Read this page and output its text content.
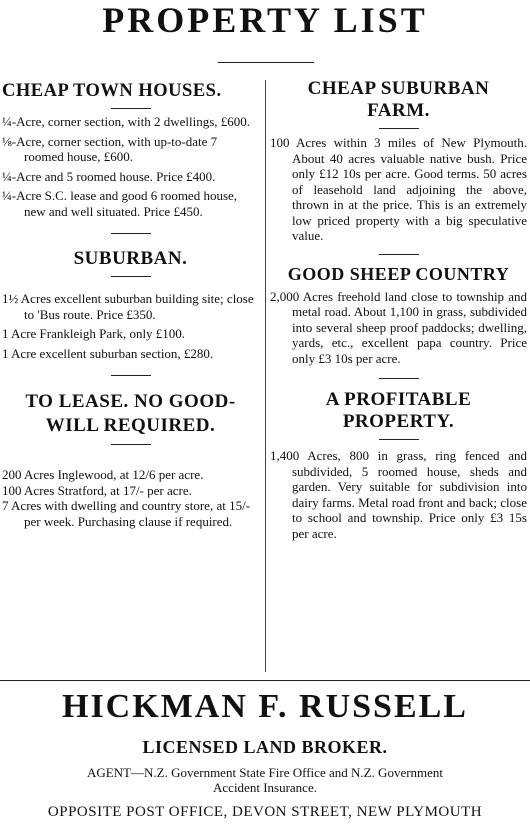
PROPERTY LIST
CHEAP TOWN HOUSES.

¼-Acre, corner section, with 2 dwellings, £600.

⅛-Acre, corner section, with up-to-date 7 roomed house, £600.

¼-Acre and 5 roomed house. Price £400.

¼-Acre S.C. lease and good 6 roomed house, new and well situated. Price £450.

SUBURBAN.

1½ Acres excellent suburban building site; close to 'Bus route. Price £350.

1 Acre Frankleigh Park, only £100.

1 Acre excellent suburban section, £280.

TO LEASE. NO GOOD-WILL REQUIRED.

200 Acres Inglewood, at 12/6 per acre.

100 Acres Stratford, at 17/- per acre.

7 Acres with dwelling and country store, at 15/- per week. Purchasing clause if required.

CHEAP SUBURBAN FARM.

100 Acres within 3 miles of New Plymouth. About 40 acres valuable native bush. Price only £12 10s per acre. Good terms. 50 acres of leasehold land adjoining the above, thrown in at the price. This is an extremely low priced property with a big speculative value.

GOOD SHEEP COUNTRY

2,000 Acres freehold land close to township and metal road. About 1,100 in grass, subdivided into several sheep proof paddocks; dwelling, yards, etc., excellent papa country. Price only £3 10s per acre.

A PROFITABLE PROPERTY.

1,400 Acres, 800 in grass, ring fenced and subdivided, 5 roomed house, sheds and garden. Very suitable for subdivision into dairy farms. Metal road front and back; close to school and township. Price only £3 15s per acre.

HICKMAN F. RUSSELL
LICENSED LAND BROKER.
AGENT—N.Z. Government State Fire Office and N.Z. Government
Accident Insurance.
OPPOSITE POST OFFICE, DEVON STREET, NEW PLYMOUTH
